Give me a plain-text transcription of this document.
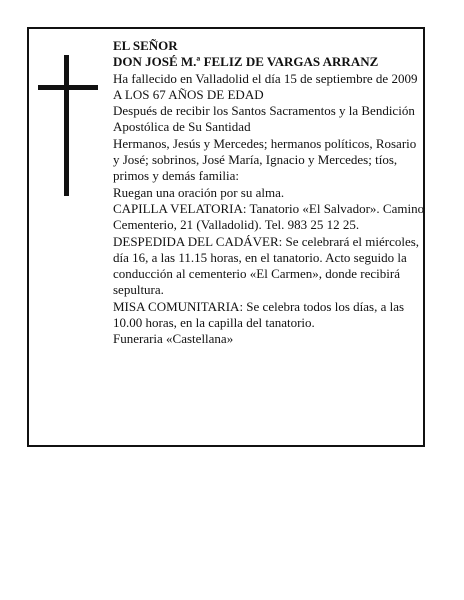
EL SEÑOR

DON JOSÉ M.ª FELIZ DE VARGAS ARRANZ

Ha fallecido en Valladolid el día 15 de septiembre de 2009

A LOS 67 AÑOS DE EDAD

Después de recibir los Santos Sacramentos y la Bendición Apostólica de Su Santidad

Hermanos, Jesús y Mercedes; hermanos políticos, Rosario y José; sobrinos, José María, Ignacio y Mercedes; tíos, primos y demás familia:

Ruegan una oración por su alma.

CAPILLA VELATORIA: Tanatorio «El Salvador». Camino Cementerio, 21 (Valladolid). Tel. 983 25 12 25.

DESPEDIDA DEL CADÁVER: Se celebrará el miércoles, día 16, a las 11.15 horas, en el tanatorio. Acto seguido la conducción al cementerio «El Carmen», donde recibirá sepultura.

MISA COMUNITARIA: Se celebra todos los días, a las 10.00 horas, en la capilla del tanatorio.

Funeraria «Castellana»
